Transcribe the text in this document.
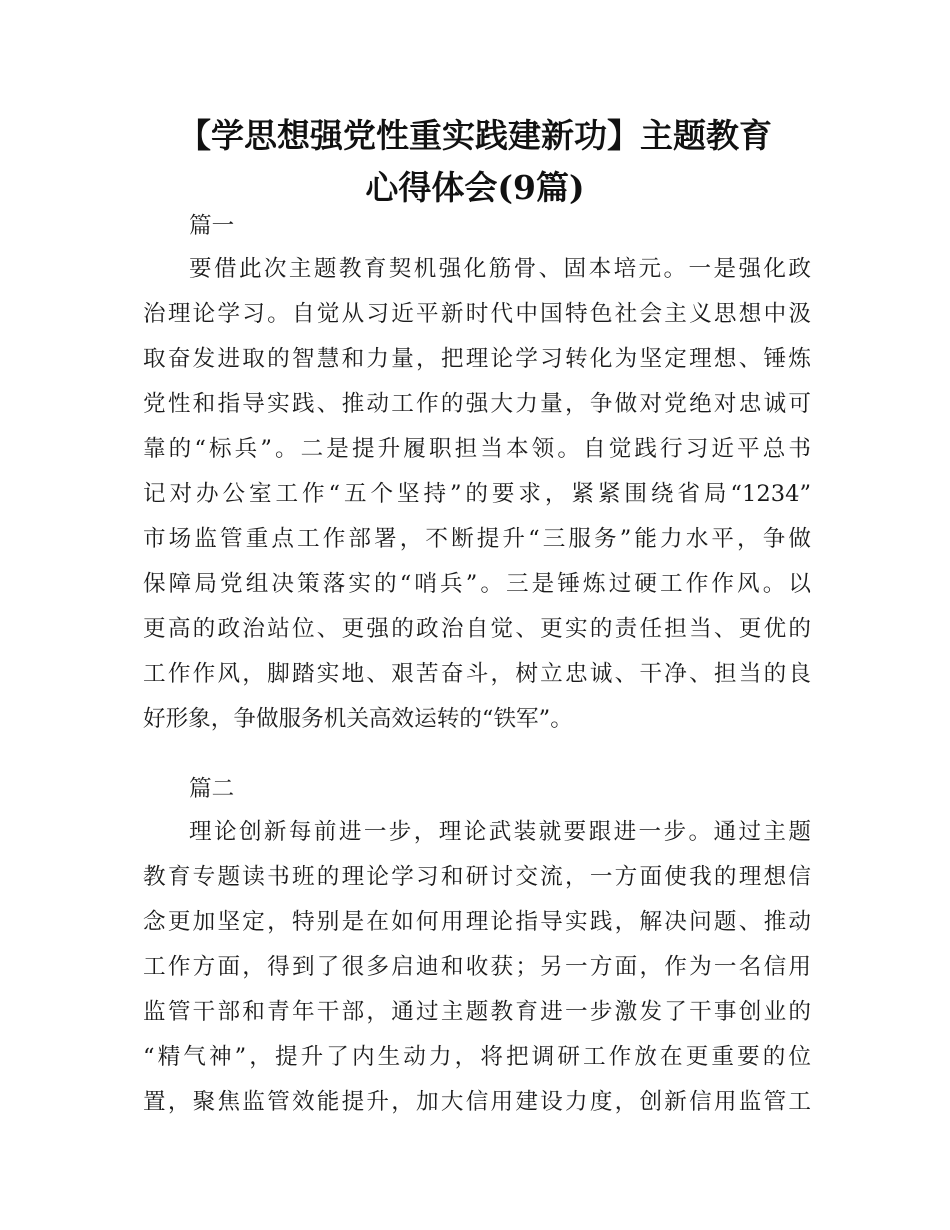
【学思想强党性重实践建新功】主题教育
心得体会(9篇)
篇一
要借此次主题教育契机强化筋骨、固本培元。一是强化政
治理论学习。自觉从习近平新时代中国特色社会主义思想中汲
取奋发进取的智慧和力量，把理论学习转化为坚定理想、锤炼
党性和指导实践、推动工作的强大力量，争做对党绝对忠诚可
靠的“标兵”。二是提升履职担当本领。自觉践行习近平总书
记对办公室工作“五个坚持”的要求，紧紧围绕省局“1234”
市场监管重点工作部署，不断提升“三服务”能力水平，争做
保障局党组决策落实的“哨兵”。三是锤炼过硬工作作风。以
更高的政治站位、更强的政治自觉、更实的责任担当、更优的
工作作风，脚踏实地、艰苦奋斗，树立忠诚、干净、担当的良
好形象，争做服务机关高效运转的“铁军”。
篇二
理论创新每前进一步，理论武装就要跟进一步。通过主题
教育专题读书班的理论学习和研讨交流，一方面使我的理想信
念更加坚定，特别是在如何用理论指导实践，解决问题、推动
工作方面，得到了很多启迪和收获；另一方面，作为一名信用
监管干部和青年干部，通过主题教育进一步激发了干事创业的
“精气神”，提升了内生动力，将把调研工作放在更重要的位
置，聚焦监管效能提升，加大信用建设力度，创新信用监管工
